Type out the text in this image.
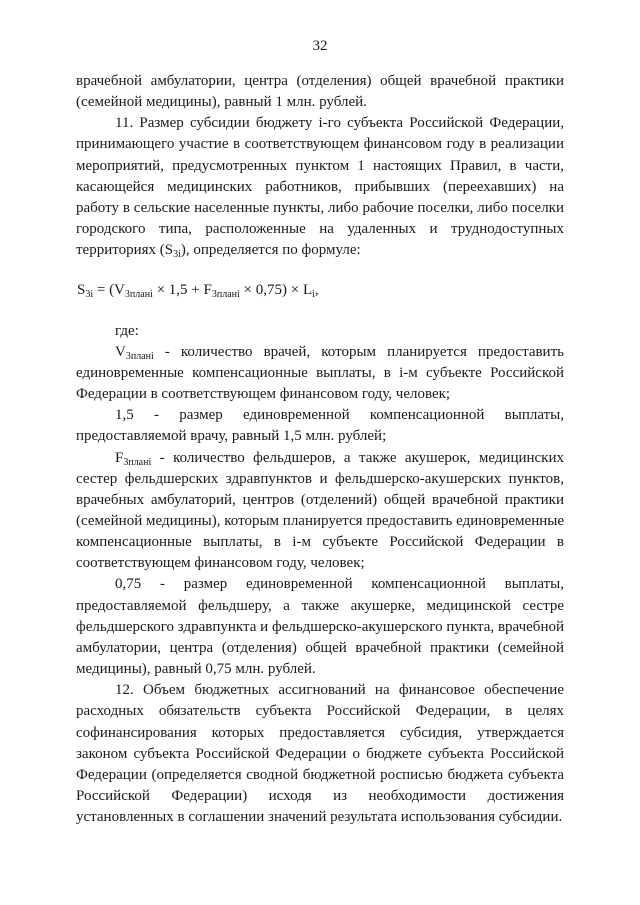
32

врачебной амбулатории, центра (отделения) общей врачебной практики (семейной медицины), равный 1 млн. рублей.

11. Размер субсидии бюджету i-го субъекта Российской Федерации, принимающего участие в соответствующем финансовом году в реализации мероприятий, предусмотренных пунктом 1 настоящих Правил, в части, касающейся медицинских работников, прибывших (переехавших) на работу в сельские населенные пункты, либо рабочие поселки, либо поселки городского типа, расположенные на удаленных и труднодоступных территориях $(S_{3i})$, определяется по формуле:

$S_{3i} = (V_{3планi} \times 1,5 + F_{3планi} \times 0,75) \times L_i$,

где:

$V_{3планi}$ - количество врачей, которым планируется предоставить единовременные компенсационные выплаты, в i-м субъекте Российской Федерации в соответствующем финансовом году, человек;

1,5 - размер единовременной компенсационной выплаты, предоставляемой врачу, равный 1,5 млн. рублей;

$F_{3планi}$ - количество фельдшеров, а также акушерок, медицинских сестер фельдшерских здравпунктов и фельдшерско-акушерских пунктов, врачебных амбулаторий, центров (отделений) общей врачебной практики (семейной медицины), которым планируется предоставить единовременные компенсационные выплаты, в i-м субъекте Российской Федерации в соответствующем финансовом году, человек;

0,75 - размер единовременной компенсационной выплаты, предоставляемой фельдшеру, а также акушерке, медицинской сестре фельдшерского здравпункта и фельдшерско-акушерского пункта, врачебной амбулатории, центра (отделения) общей врачебной практики (семейной медицины), равный 0,75 млн. рублей.

12. Объем бюджетных ассигнований на финансовое обеспечение расходных обязательств субъекта Российской Федерации, в целях софинансирования которых предоставляется субсидия, утверждается законом субъекта Российской Федерации о бюджете субъекта Российской Федерации (определяется сводной бюджетной росписью бюджета субъекта Российской Федерации) исходя из необходимости достижения установленных в соглашении значений результата использования субсидии.
